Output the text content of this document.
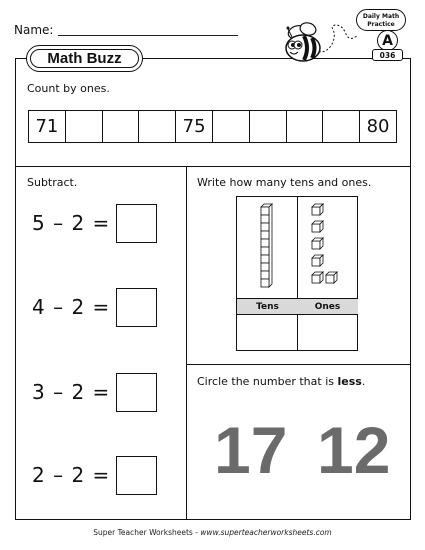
Name:
Daily Math
Practice
A
036
Math Buzz
Count by ones.
71	75	80
Subtract.
5 – 2 =
4 – 2 =
3 – 2 =
2 – 2 =
Write how many tens and ones.
Tens	Ones
Circle the number that is less.
17 12
Super Teacher Worksheets - www.superteacherworksheets.com
